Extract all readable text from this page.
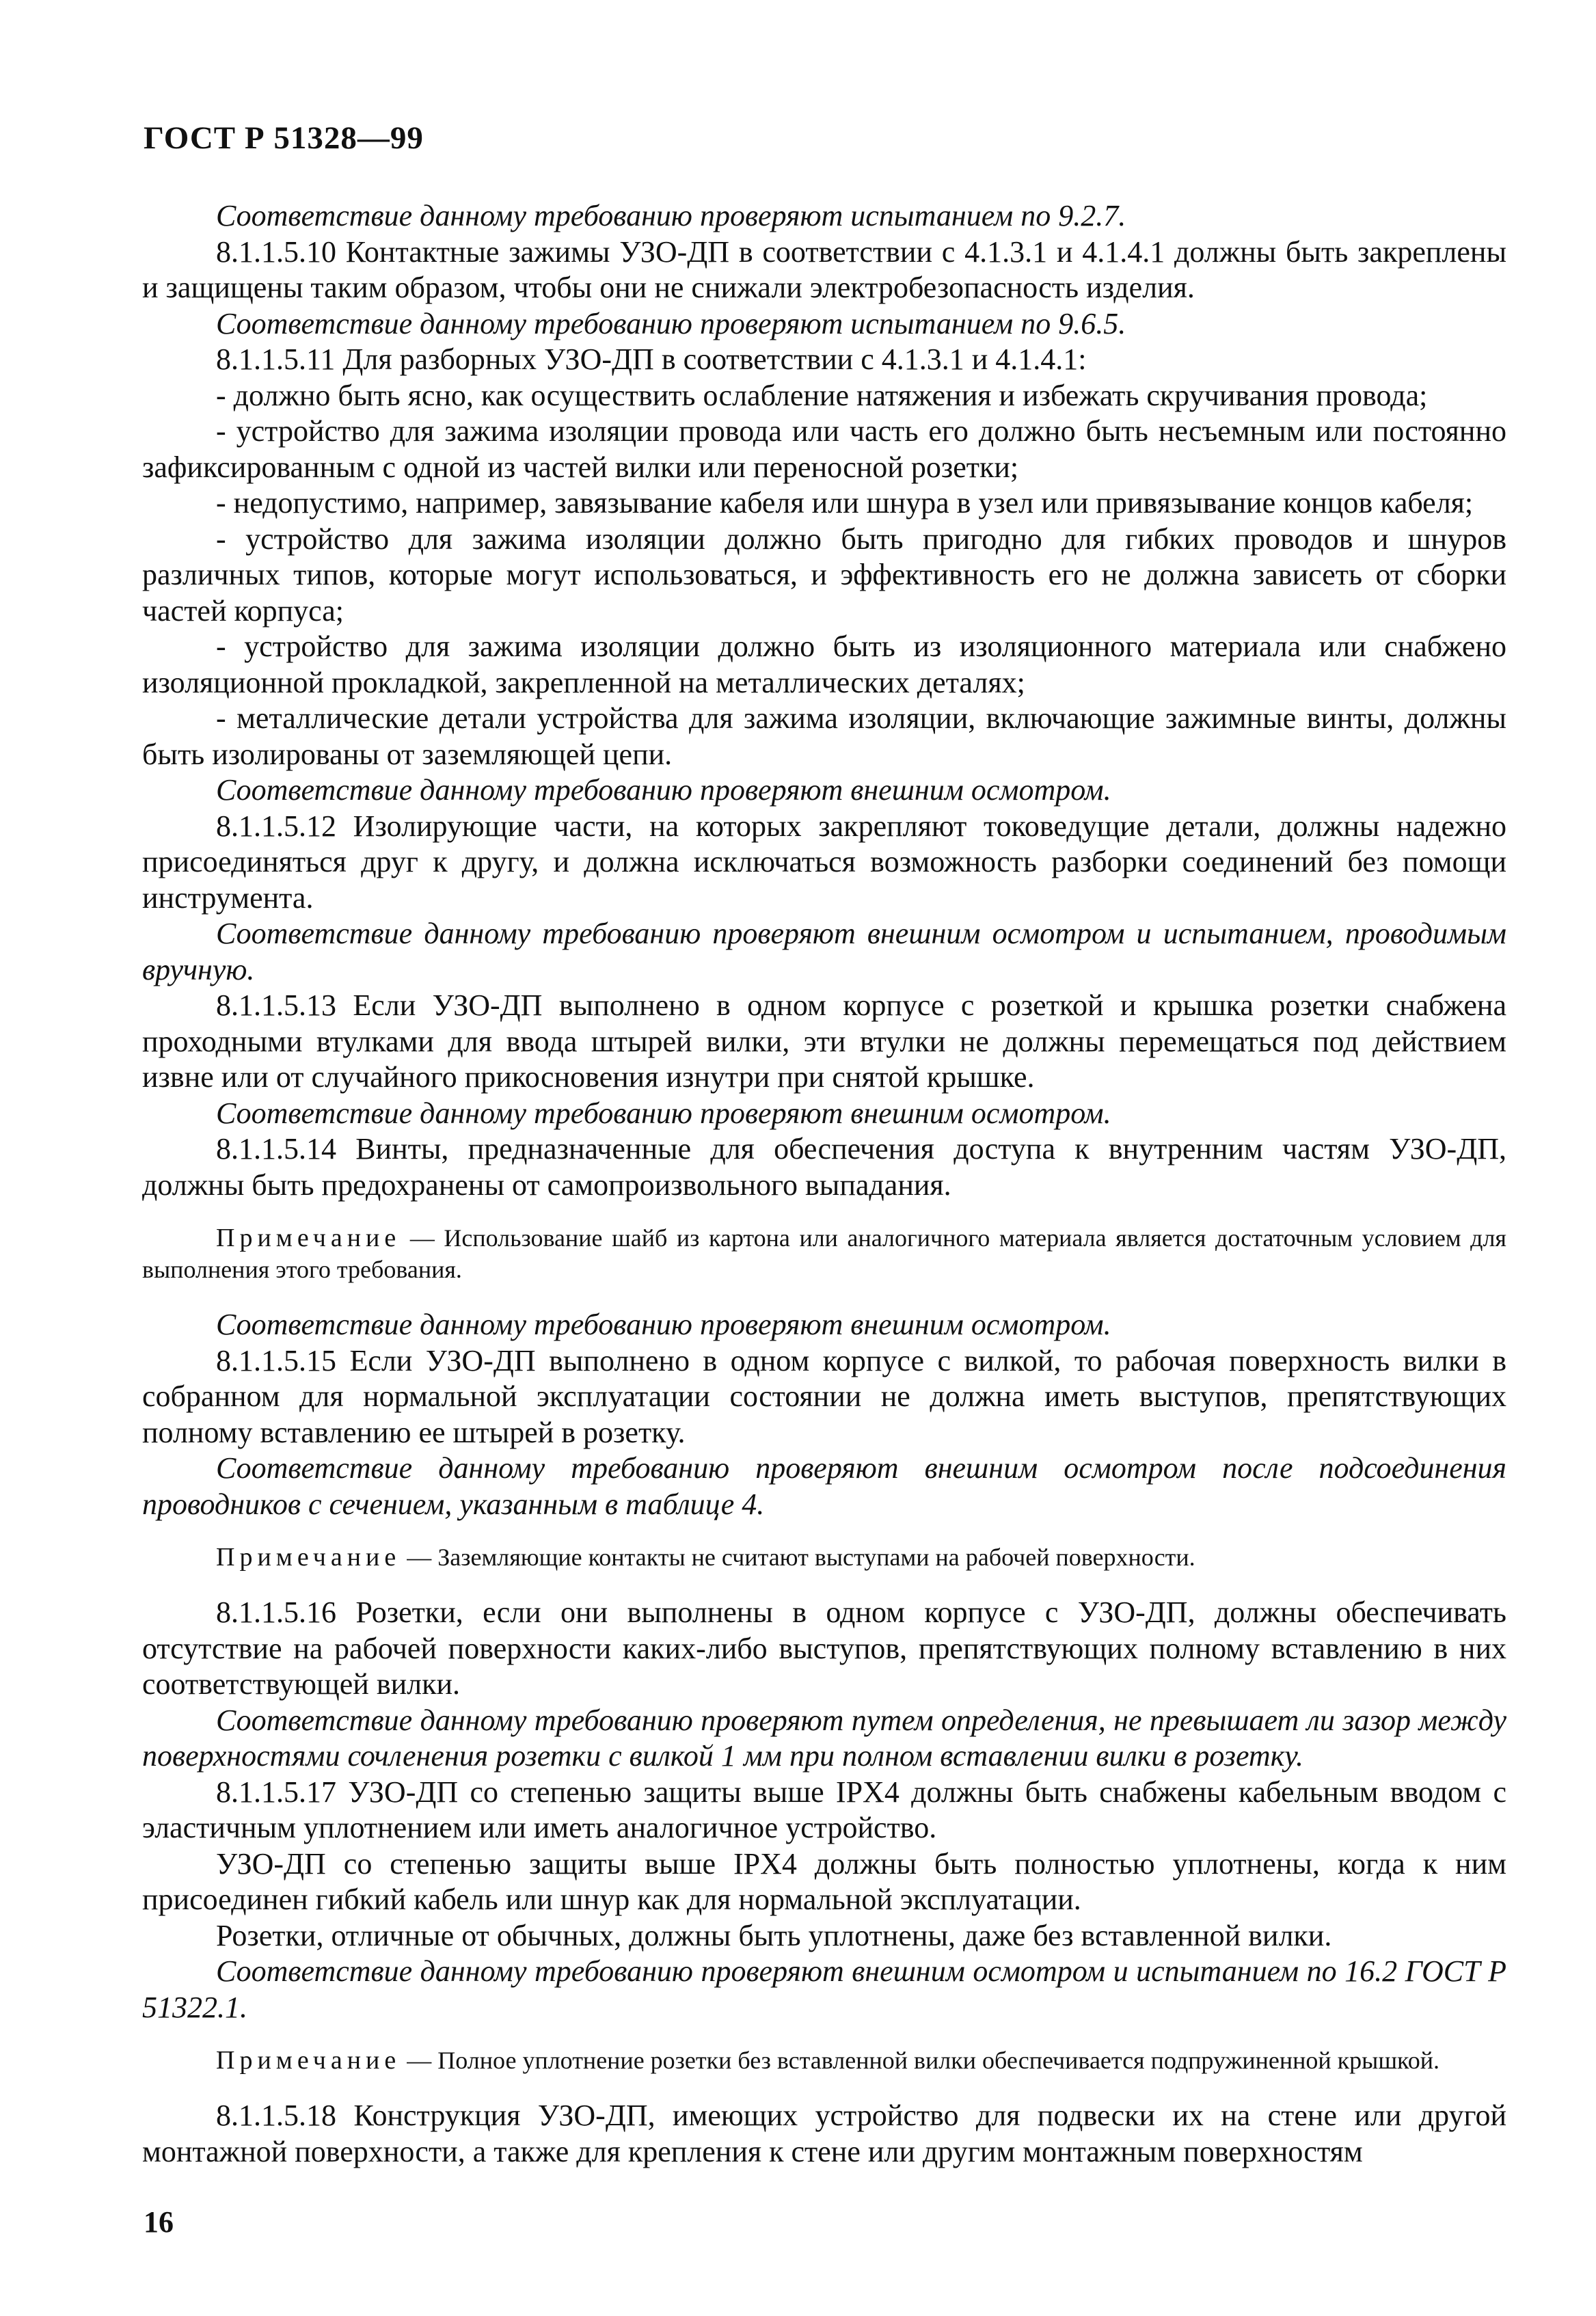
ГОСТ Р 51328—99

Соответствие данному требованию проверяют испытанием по 9.2.7.

8.1.1.5.10 Контактные зажимы УЗО-ДП в соответствии с 4.1.3.1 и 4.1.4.1 должны быть закреплены и защищены таким образом, чтобы они не снижали электробезопасность изделия.

Соответствие данному требованию проверяют испытанием по 9.6.5.

8.1.1.5.11 Для разборных УЗО-ДП в соответствии с 4.1.3.1 и 4.1.4.1:

- должно быть ясно, как осуществить ослабление натяжения и избежать скручивания провода;

- устройство для зажима изоляции провода или часть его должно быть несъемным или постоянно зафиксированным с одной из частей вилки или переносной розетки;

- недопустимо, например, завязывание кабеля или шнура в узел или привязывание концов кабеля;

- устройство для зажима изоляции должно быть пригодно для гибких проводов и шнуров различных типов, которые могут использоваться, и эффективность его не должна зависеть от сборки частей корпуса;

- устройство для зажима изоляции должно быть из изоляционного материала или снабжено изоляционной прокладкой, закрепленной на металлических деталях;

- металлические детали устройства для зажима изоляции, включающие зажимные винты, должны быть изолированы от заземляющей цепи.

Соответствие данному требованию проверяют внешним осмотром.

8.1.1.5.12 Изолирующие части, на которых закрепляют токоведущие детали, должны надежно присоединяться друг к другу, и должна исключаться возможность разборки соединений без помощи инструмента.

Соответствие данному требованию проверяют внешним осмотром и испытанием, проводимым вручную.

8.1.1.5.13 Если УЗО-ДП выполнено в одном корпусе с розеткой и крышка розетки снабжена проходными втулками для ввода штырей вилки, эти втулки не должны перемещаться под действием извне или от случайного прикосновения изнутри при снятой крышке.

Соответствие данному требованию проверяют внешним осмотром.

8.1.1.5.14 Винты, предназначенные для обеспечения доступа к внутренним частям УЗО-ДП, должны быть предохранены от самопроизвольного выпадания.

Примечание — Использование шайб из картона или аналогичного материала является достаточным условием для выполнения этого требования.

Соответствие данному требованию проверяют внешним осмотром.

8.1.1.5.15 Если УЗО-ДП выполнено в одном корпусе с вилкой, то рабочая поверхность вилки в собранном для нормальной эксплуатации состоянии не должна иметь выступов, препятствующих полному вставлению ее штырей в розетку.

Соответствие данному требованию проверяют внешним осмотром после подсоединения проводников с сечением, указанным в таблице 4.

Примечание — Заземляющие контакты не считают выступами на рабочей поверхности.

8.1.1.5.16 Розетки, если они выполнены в одном корпусе с УЗО-ДП, должны обеспечивать отсутствие на рабочей поверхности каких-либо выступов, препятствующих полному вставлению в них соответствующей вилки.

Соответствие данному требованию проверяют путем определения, не превышает ли зазор между поверхностями сочленения розетки с вилкой 1 мм при полном вставлении вилки в розетку.

8.1.1.5.17 УЗО-ДП со степенью защиты выше IPX4 должны быть снабжены кабельным вводом с эластичным уплотнением или иметь аналогичное устройство.

УЗО-ДП со степенью защиты выше IPX4 должны быть полностью уплотнены, когда к ним присоединен гибкий кабель или шнур как для нормальной эксплуатации.

Розетки, отличные от обычных, должны быть уплотнены, даже без вставленной вилки.

Соответствие данному требованию проверяют внешним осмотром и испытанием по 16.2 ГОСТ Р 51322.1.

Примечание — Полное уплотнение розетки без вставленной вилки обеспечивается подпружиненной крышкой.

8.1.1.5.18 Конструкция УЗО-ДП, имеющих устройство для подвески их на стене или другой монтажной поверхности, а также для крепления к стене или другим монтажным поверхностям

16
